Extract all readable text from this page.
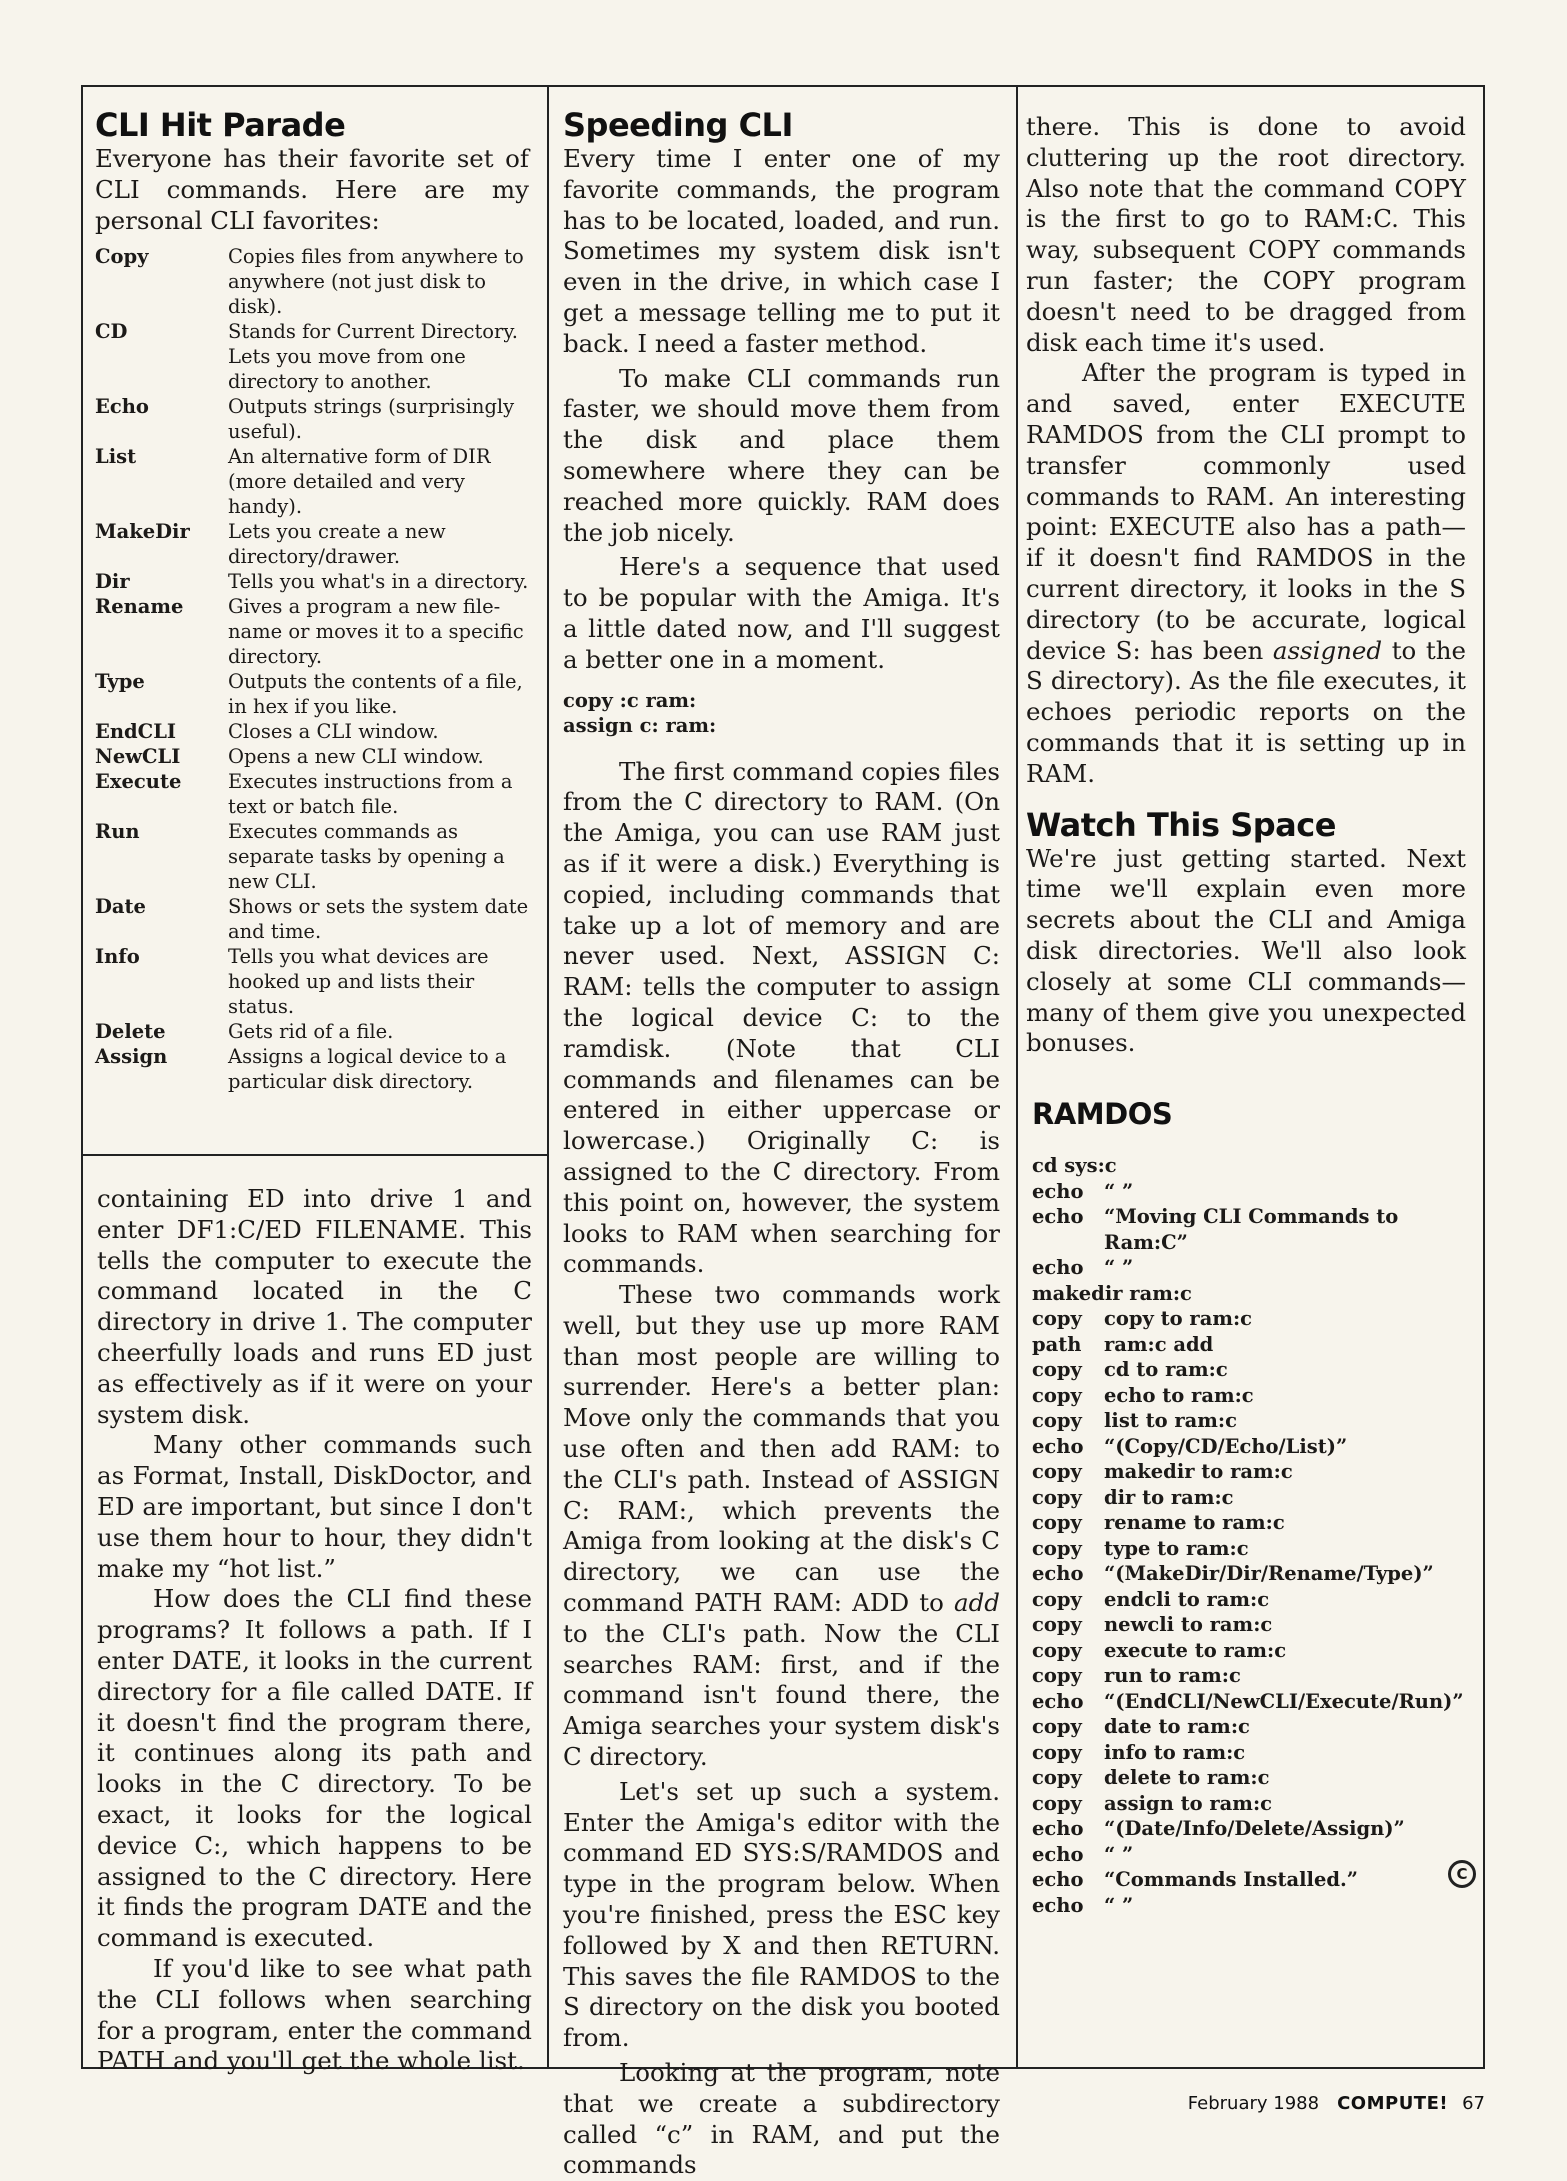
CLI Hit Parade

Everyone has their favorite set of CLI commands. Here are my personal CLI favorites:

Copy	Copies files from anywhere to anywhere (not just disk to disk).
CD	Stands for Current Directory. Lets you move from one directory to another.
Echo	Outputs strings (surprisingly useful).
List	An alternative form of DIR (more detailed and very handy).
MakeDir	Lets you create a new directory/drawer.
Dir	Tells you what's in a directory.
Rename	Gives a program a new file-name or moves it to a specific directory.
Type	Outputs the contents of a file, in hex if you like.
EndCLI	Closes a CLI window.
NewCLI	Opens a new CLI window.
Execute	Executes instructions from a text or batch file.
Run	Executes commands as separate tasks by opening a new CLI.
Date	Shows or sets the system date and time.
Info	Tells you what devices are hooked up and lists their status.
Delete	Gets rid of a file.
Assign	Assigns a logical device to a particular disk directory.

containing ED into drive 1 and enter DF1:C/ED FILENAME. This tells the computer to execute the command located in the C directory in drive 1. The computer cheerfully loads and runs ED just as effectively as if it were on your system disk.

Many other commands such as Format, Install, DiskDoctor, and ED are important, but since I don't use them hour to hour, they didn't make my “hot list.”

How does the CLI find these programs? It follows a path. If I enter DATE, it looks in the current directory for a file called DATE. If it doesn't find the program there, it continues along its path and looks in the C directory. To be exact, it looks for the logical device C:, which happens to be assigned to the C directory. Here it finds the program DATE and the command is executed.

If you'd like to see what path the CLI follows when searching for a program, enter the command PATH and you'll get the whole list.

Speeding CLI

Every time I enter one of my favorite commands, the program has to be located, loaded, and run. Sometimes my system disk isn't even in the drive, in which case I get a message telling me to put it back. I need a faster method.

To make CLI commands run faster, we should move them from the disk and place them somewhere where they can be reached more quickly. RAM does the job nicely.

Here's a sequence that used to be popular with the Amiga. It's a little dated now, and I'll suggest a better one in a moment.

copy :c ram:
assign c: ram:

The first command copies files from the C directory to RAM. (On the Amiga, you can use RAM just as if it were a disk.) Everything is copied, including commands that take up a lot of memory and are never used. Next, ASSIGN C: RAM: tells the computer to assign the logical device C: to the ramdisk. (Note that CLI commands and filenames can be entered in either uppercase or lowercase.) Originally C: is assigned to the C directory. From this point on, however, the system looks to RAM when searching for commands.

These two commands work well, but they use up more RAM than most people are willing to surrender. Here's a better plan: Move only the commands that you use often and then add RAM: to the CLI's path. Instead of ASSIGN C: RAM:, which prevents the Amiga from looking at the disk's C directory, we can use the command PATH RAM: ADD to add to the CLI's path. Now the CLI searches RAM: first, and if the command isn't found there, the Amiga searches your system disk's C directory.

Let's set up such a system. Enter the Amiga's editor with the command ED SYS:S/RAMDOS and type in the program below. When you're finished, press the ESC key followed by X and then RETURN. This saves the file RAMDOS to the S directory on the disk you booted from.

Looking at the program, note that we create a subdirectory called “c” in RAM, and put the commands

there. This is done to avoid cluttering up the root directory. Also note that the command COPY is the first to go to RAM:C. This way, subsequent COPY commands run faster; the COPY program doesn't need to be dragged from disk each time it's used.

After the program is typed in and saved, enter EXECUTE RAMDOS from the CLI prompt to transfer commonly used commands to RAM. An interesting point: EXECUTE also has a path—if it doesn't find RAMDOS in the current directory, it looks in the S directory (to be accurate, logical device S: has been assigned to the S directory). As the file executes, it echoes periodic reports on the commands that it is setting up in RAM.

Watch This Space

We're just getting started. Next time we'll explain even more secrets about the CLI and Amiga disk directories. We'll also look closely at some CLI commands—many of them give you unexpected bonuses.

RAMDOS
cd sys:c
echo	“ ”
echo	“Moving CLI Commands to Ram:C”
echo	“ ”
makedir ram:c
copy	copy to ram:c
path	ram:c add
copy	cd to ram:c
copy	echo to ram:c
copy	list to ram:c
echo	“(Copy/CD/Echo/List)”
copy	makedir to ram:c
copy	dir to ram:c
copy	rename to ram:c
copy	type to ram:c
echo	“(MakeDir/Dir/Rename/Type)”
copy	endcli to ram:c
copy	newcli to ram:c
copy	execute to ram:c
copy	run to ram:c
echo	“(EndCLI/NewCLI/Execute/Run)”
copy	date to ram:c
copy	info to ram:c
copy	delete to ram:c
copy	assign to ram:c
echo	“(Date/Info/Delete/Assign)”
echo	“ ”
echo	“Commands Installed.”
echo	“ ”
C
February 1988 COMPUTE! 67
